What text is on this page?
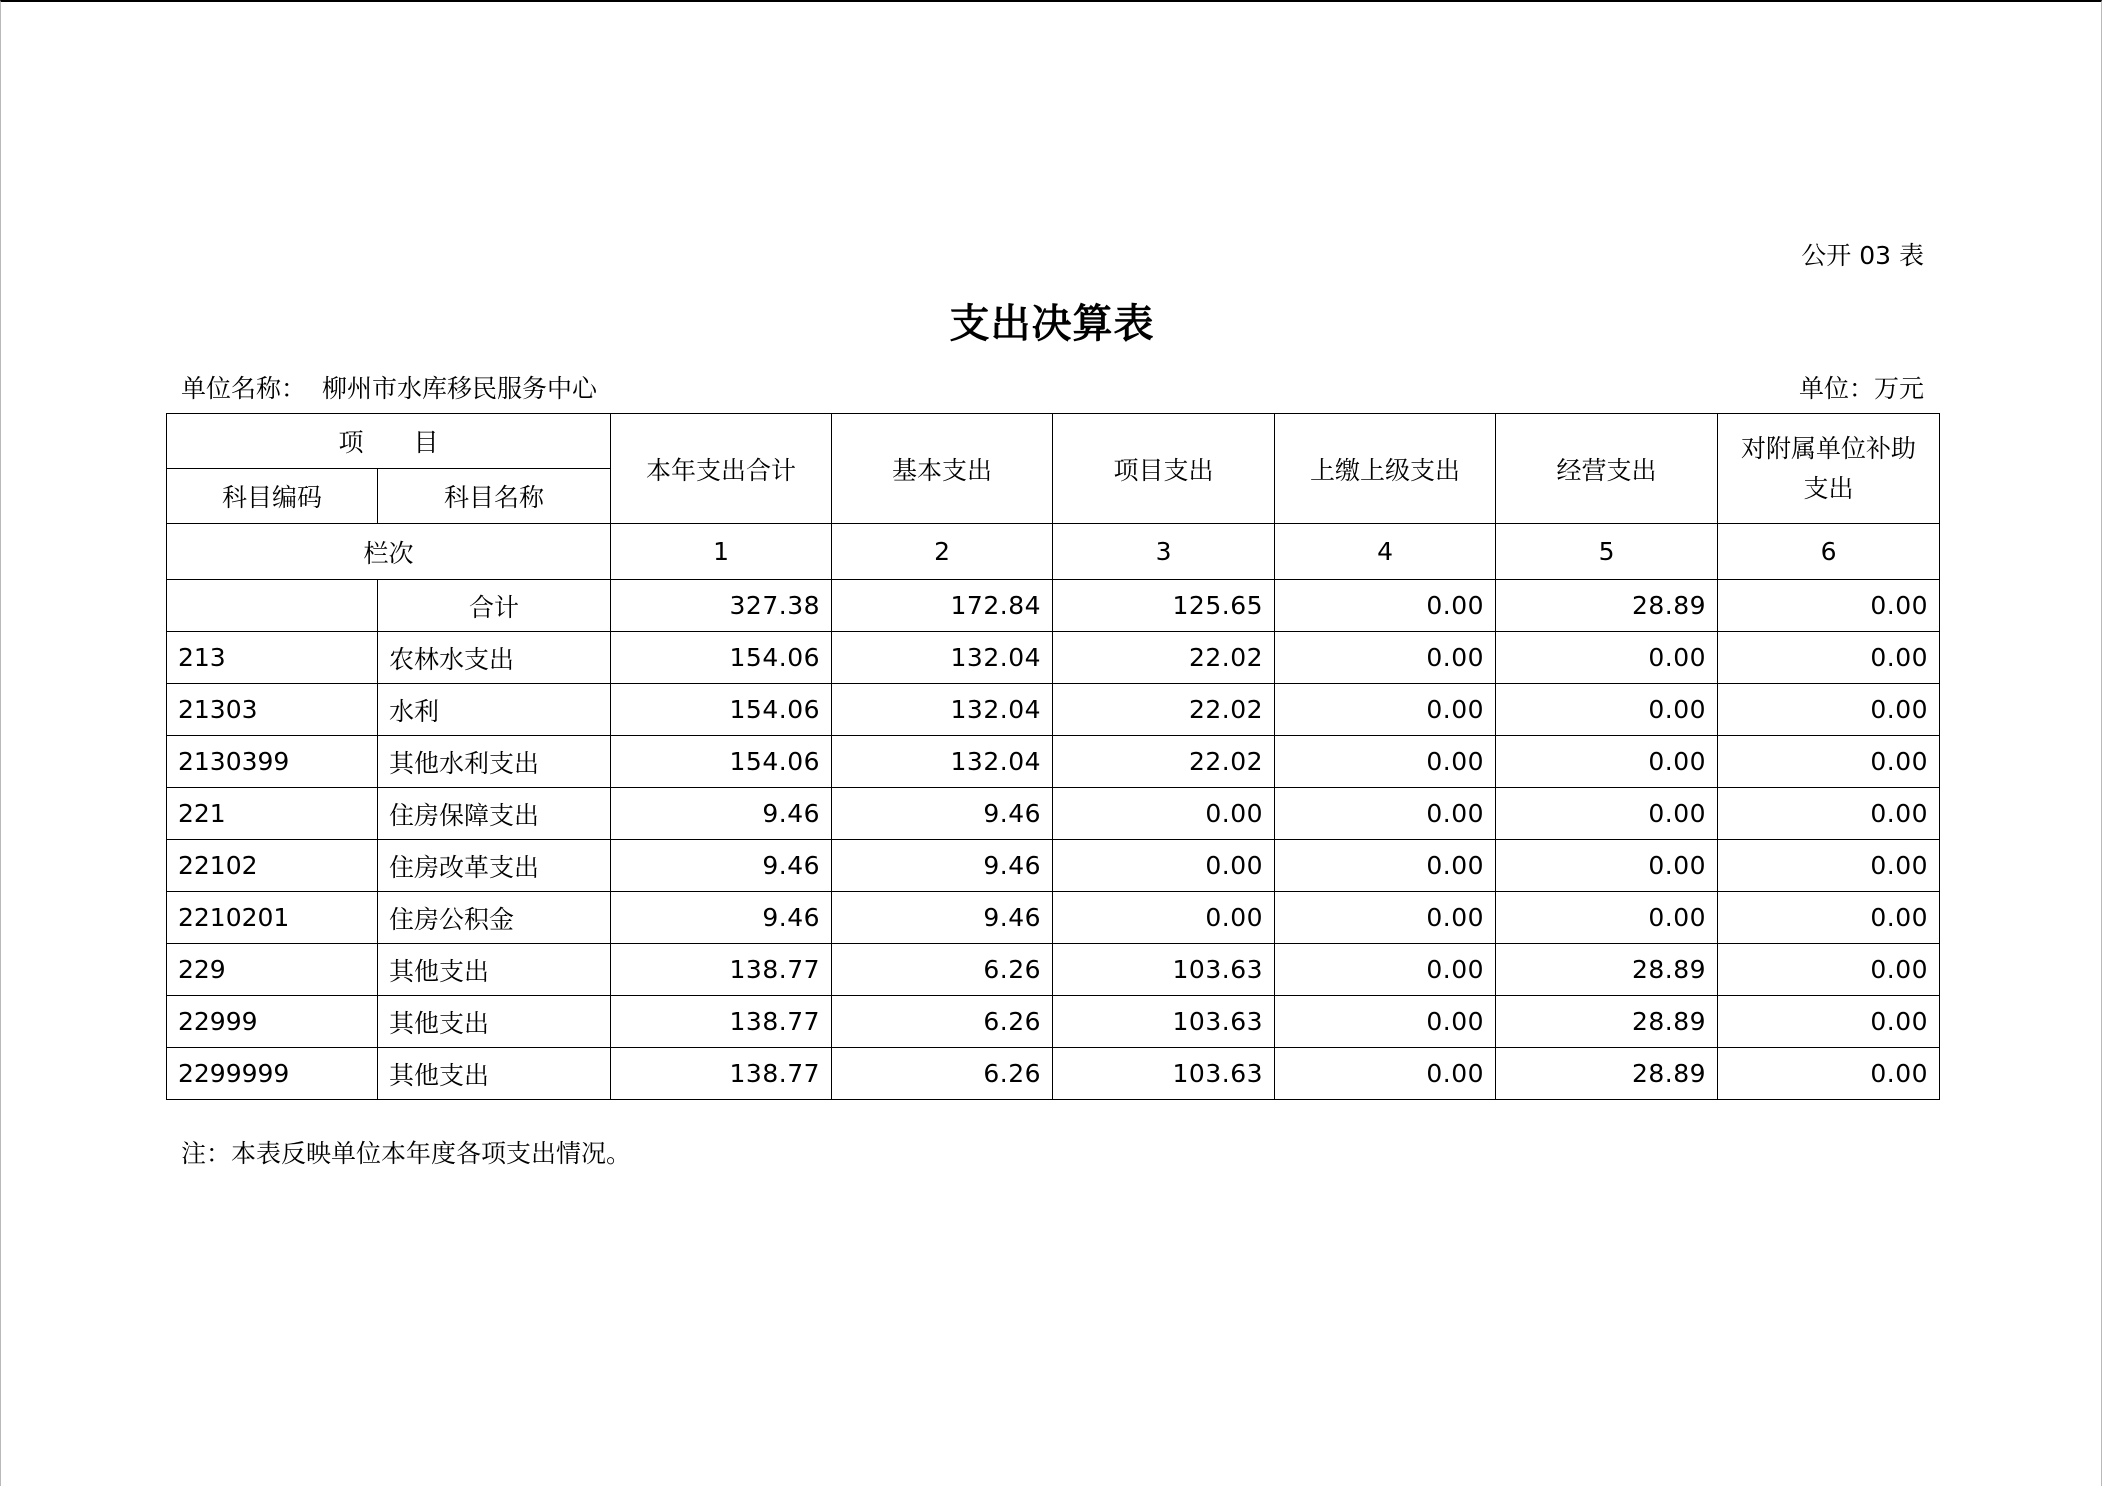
公开 03 表
支出决算表
单位名称： 柳州市水库移民服务中心	单位：万元
项　　目		本年支出合计	基本支出	项目支出	上缴上级支出	经营支出	对附属单位补助支出
科目编码	科目名称						
栏次		1	2	3	4	5	6
	合计	327.38	172.84	125.65	0.00	28.89	0.00
213	农林水支出	154.06	132.04	22.02	0.00	0.00	0.00
21303	水利	154.06	132.04	22.02	0.00	0.00	0.00
2130399	其他水利支出	154.06	132.04	22.02	0.00	0.00	0.00
221	住房保障支出	9.46	9.46	0.00	0.00	0.00	0.00
22102	住房改革支出	9.46	9.46	0.00	0.00	0.00	0.00
2210201	住房公积金	9.46	9.46	0.00	0.00	0.00	0.00
229	其他支出	138.77	6.26	103.63	0.00	28.89	0.00
22999	其他支出	138.77	6.26	103.63	0.00	28.89	0.00
2299999	其他支出	138.77	6.26	103.63	0.00	28.89	0.00
注：本表反映单位本年度各项支出情况。
